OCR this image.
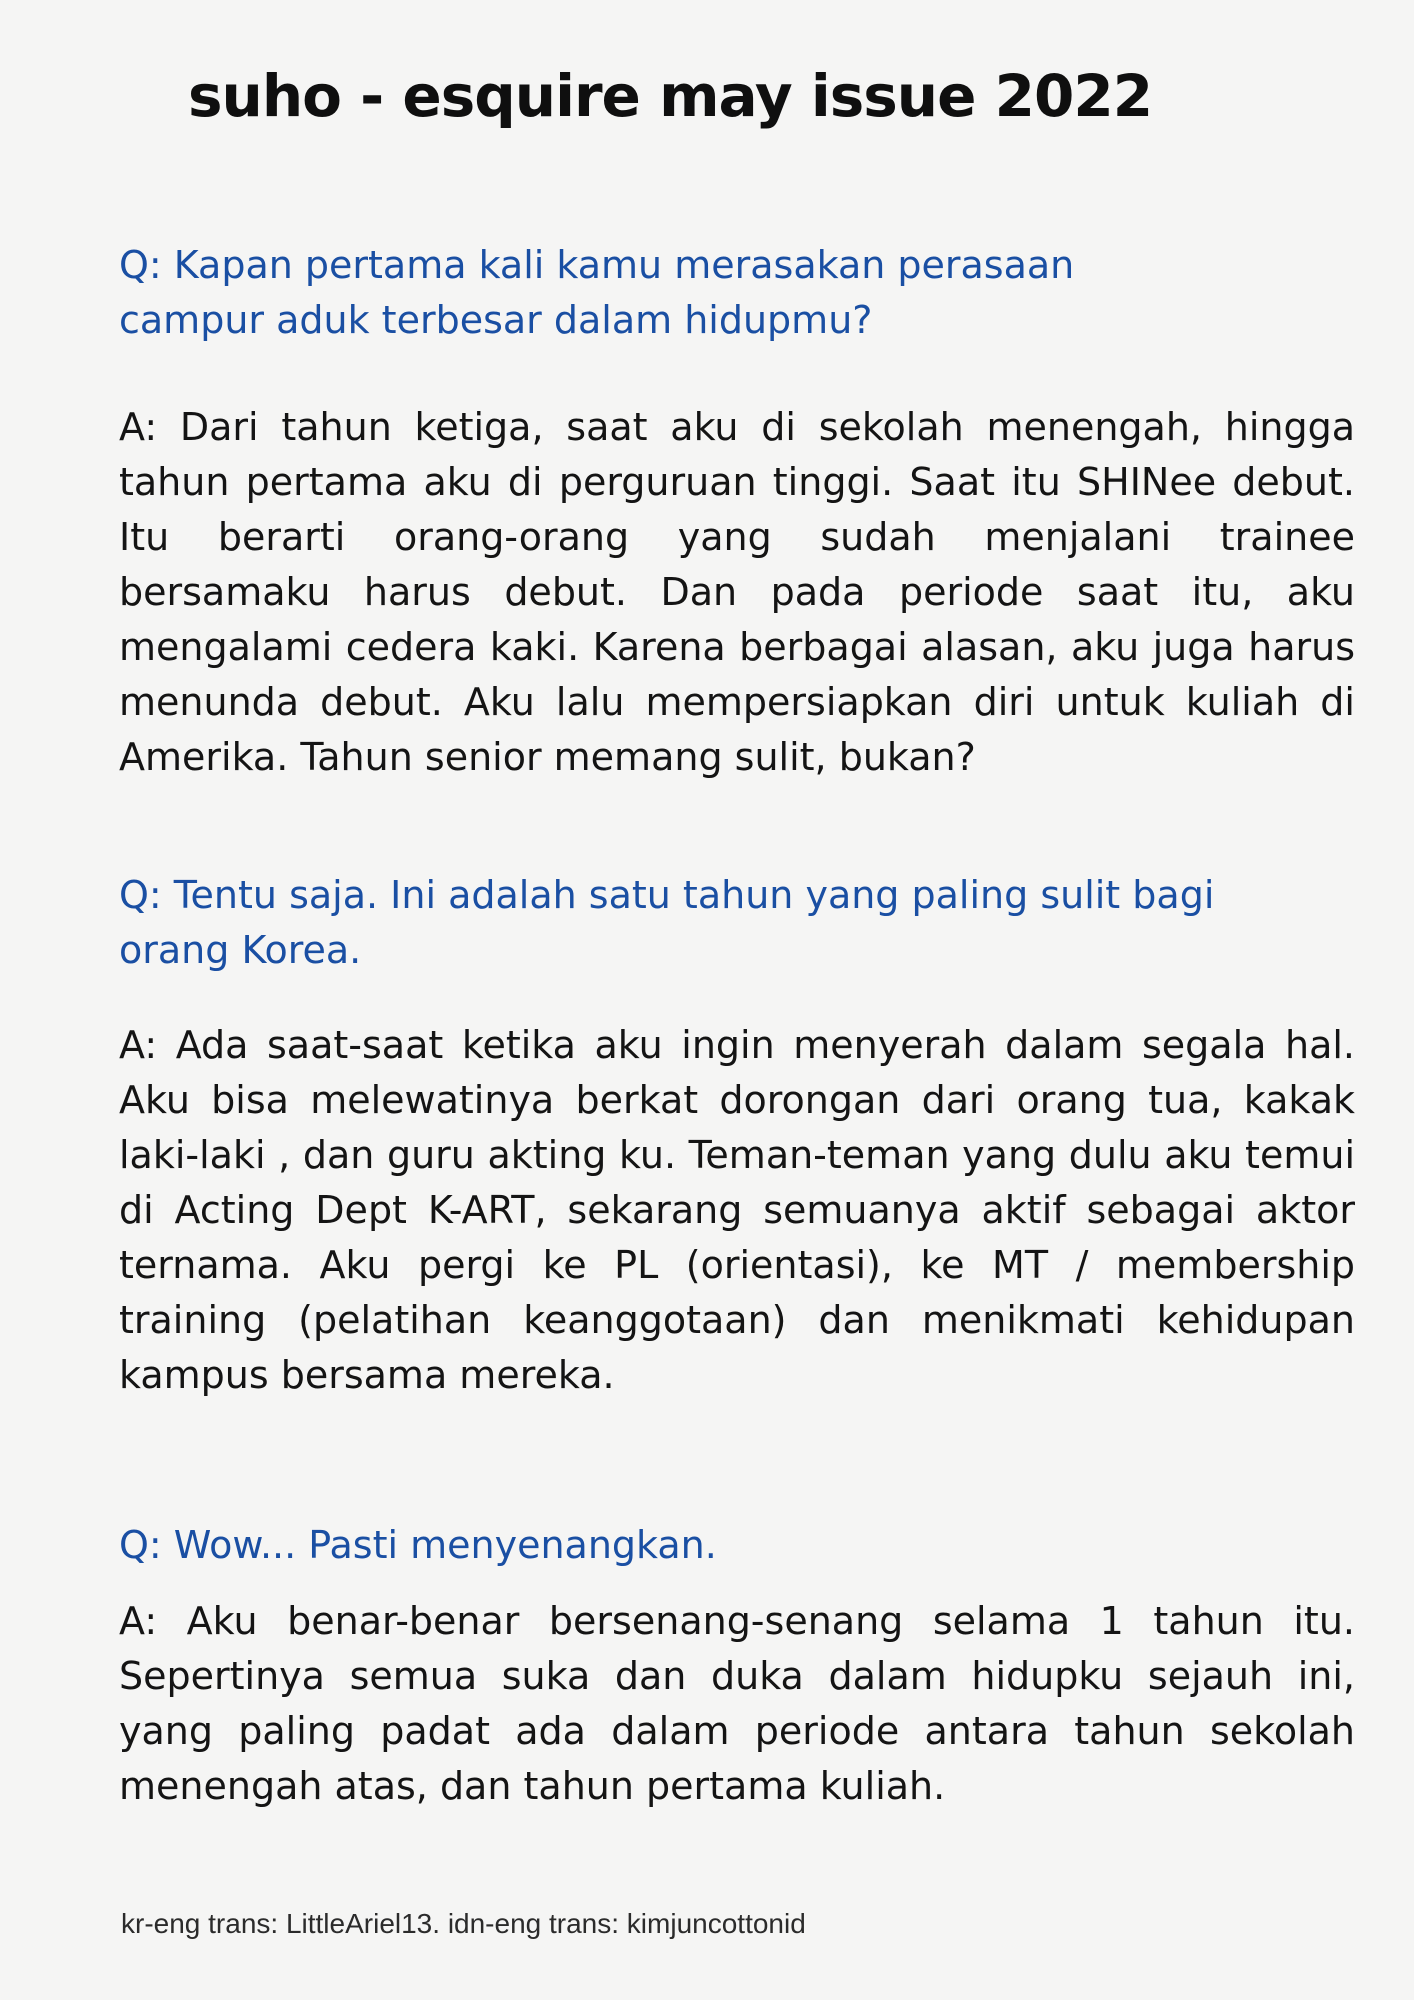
suho - esquire may issue 2022

Q: Kapan pertama kali kamu merasakan perasaan campur aduk terbesar dalam hidupmu?

A: Dari tahun ketiga, saat aku di sekolah menengah, hingga tahun pertama aku di perguruan tinggi. Saat itu SHINee debut. Itu berarti orang-orang yang sudah menjalani trainee bersamaku harus debut. Dan pada periode saat itu, aku mengalami cedera kaki. Karena berbagai alasan, aku juga harus menunda debut. Aku lalu mempersiapkan diri untuk kuliah di Amerika. Tahun senior memang sulit, bukan?

Q: Tentu saja. Ini adalah satu tahun yang paling sulit bagi orang Korea.

A: Ada saat-saat ketika aku ingin menyerah dalam segala hal. Aku bisa melewatinya berkat dorongan dari orang tua, kakak laki-laki , dan guru akting ku. Teman-teman yang dulu aku temui di Acting Dept K-ART, sekarang semuanya aktif sebagai aktor ternama. Aku pergi ke PL (orientasi), ke MT / membership training (pelatihan keanggotaan) dan menikmati kehidupan kampus bersama mereka.

Q: Wow... Pasti menyenangkan.

A: Aku benar-benar bersenang-senang selama 1 tahun itu. Sepertinya semua suka dan duka dalam hidupku sejauh ini, yang paling padat ada dalam periode antara tahun sekolah menengah atas, dan tahun pertama kuliah.

kr-eng trans: LittleAriel13. idn-eng trans: kimjuncottonid
